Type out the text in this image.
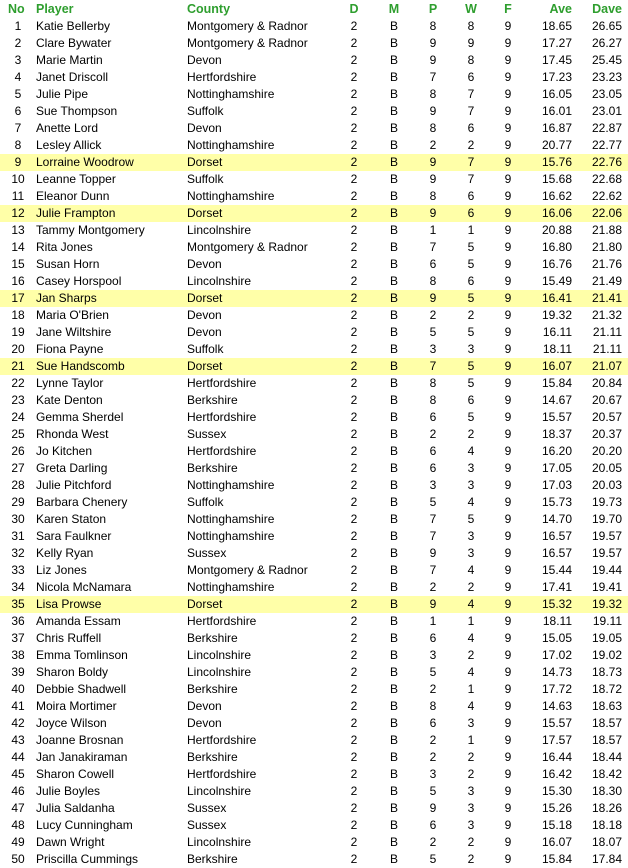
No	Player	County	D	M	P	W	F	Ave	Dave
1	Katie Bellerby	Montgomery & Radnor	2	B	8	8	9	18.65	26.65
2	Clare Bywater	Montgomery & Radnor	2	B	9	9	9	17.27	26.27
3	Marie Martin	Devon	2	B	9	8	9	17.45	25.45
4	Janet Driscoll	Hertfordshire	2	B	7	6	9	17.23	23.23
5	Julie Pipe	Nottinghamshire	2	B	8	7	9	16.05	23.05
6	Sue Thompson	Suffolk	2	B	9	7	9	16.01	23.01
7	Anette Lord	Devon	2	B	8	6	9	16.87	22.87
8	Lesley Allick	Nottinghamshire	2	B	2	2	9	20.77	22.77
9	Lorraine Woodrow	Dorset	2	B	9	7	9	15.76	22.76
10	Leanne Topper	Suffolk	2	B	9	7	9	15.68	22.68
11	Eleanor Dunn	Nottinghamshire	2	B	8	6	9	16.62	22.62
12	Julie Frampton	Dorset	2	B	9	6	9	16.06	22.06
13	Tammy Montgomery	Lincolnshire	2	B	1	1	9	20.88	21.88
14	Rita Jones	Montgomery & Radnor	2	B	7	5	9	16.80	21.80
15	Susan Horn	Devon	2	B	6	5	9	16.76	21.76
16	Casey Horspool	Lincolnshire	2	B	8	6	9	15.49	21.49
17	Jan Sharps	Dorset	2	B	9	5	9	16.41	21.41
18	Maria O'Brien	Devon	2	B	2	2	9	19.32	21.32
19	Jane Wiltshire	Devon	2	B	5	5	9	16.11	21.11
20	Fiona Payne	Suffolk	2	B	3	3	9	18.11	21.11
21	Sue Handscomb	Dorset	2	B	7	5	9	16.07	21.07
22	Lynne Taylor	Hertfordshire	2	B	8	5	9	15.84	20.84
23	Kate Denton	Berkshire	2	B	8	6	9	14.67	20.67
24	Gemma Sherdel	Hertfordshire	2	B	6	5	9	15.57	20.57
25	Rhonda West	Sussex	2	B	2	2	9	18.37	20.37
26	Jo Kitchen	Hertfordshire	2	B	6	4	9	16.20	20.20
27	Greta Darling	Berkshire	2	B	6	3	9	17.05	20.05
28	Julie Pitchford	Nottinghamshire	2	B	3	3	9	17.03	20.03
29	Barbara Chenery	Suffolk	2	B	5	4	9	15.73	19.73
30	Karen Staton	Nottinghamshire	2	B	7	5	9	14.70	19.70
31	Sara Faulkner	Nottinghamshire	2	B	7	3	9	16.57	19.57
32	Kelly Ryan	Sussex	2	B	9	3	9	16.57	19.57
33	Liz Jones	Montgomery & Radnor	2	B	7	4	9	15.44	19.44
34	Nicola McNamara	Nottinghamshire	2	B	2	2	9	17.41	19.41
35	Lisa Prowse	Dorset	2	B	9	4	9	15.32	19.32
36	Amanda Essam	Hertfordshire	2	B	1	1	9	18.11	19.11
37	Chris Ruffell	Berkshire	2	B	6	4	9	15.05	19.05
38	Emma Tomlinson	Lincolnshire	2	B	3	2	9	17.02	19.02
39	Sharon Boldy	Lincolnshire	2	B	5	4	9	14.73	18.73
40	Debbie Shadwell	Berkshire	2	B	2	1	9	17.72	18.72
41	Moira Mortimer	Devon	2	B	8	4	9	14.63	18.63
42	Joyce Wilson	Devon	2	B	6	3	9	15.57	18.57
43	Joanne Brosnan	Hertfordshire	2	B	2	1	9	17.57	18.57
44	Jan Janakiraman	Berkshire	2	B	2	2	9	16.44	18.44
45	Sharon Cowell	Hertfordshire	2	B	3	2	9	16.42	18.42
46	Julie Boyles	Lincolnshire	2	B	5	3	9	15.30	18.30
47	Julia Saldanha	Sussex	2	B	9	3	9	15.26	18.26
48	Lucy Cunningham	Sussex	2	B	6	3	9	15.18	18.18
49	Dawn Wright	Lincolnshire	2	B	2	2	9	16.07	18.07
50	Priscilla Cummings	Berkshire	2	B	5	2	9	15.84	17.84
